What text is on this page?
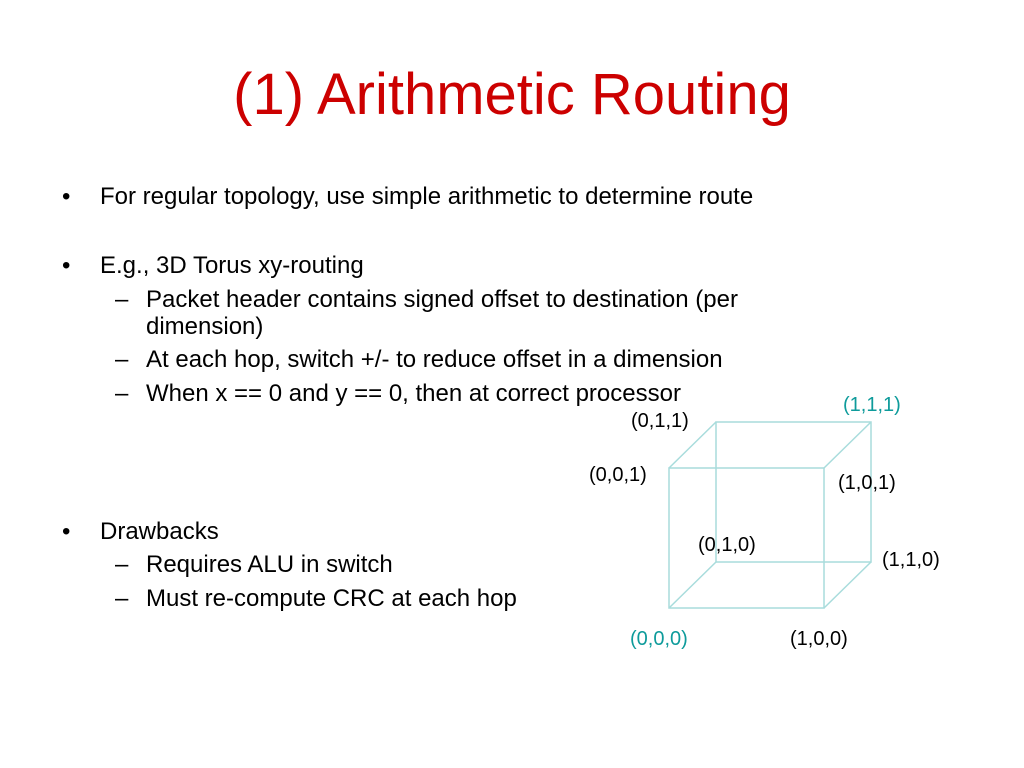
(1) Arithmetic Routing
• For regular topology, use simple arithmetic to determine route
• E.g., 3D Torus xy-routing
– Packet header contains signed offset to destination (per
dimension)
– At each hop, switch +/- to reduce offset in a dimension
– When x == 0 and y == 0, then at correct processor
• Drawbacks
– Requires ALU in switch
– Must re-compute CRC at each hop
(0,1,1)
(1,1,1)
(0,0,1)	(1,0,1)
(0,1,0)
(1,1,0)
(0,0,0)	(1,0,0)
